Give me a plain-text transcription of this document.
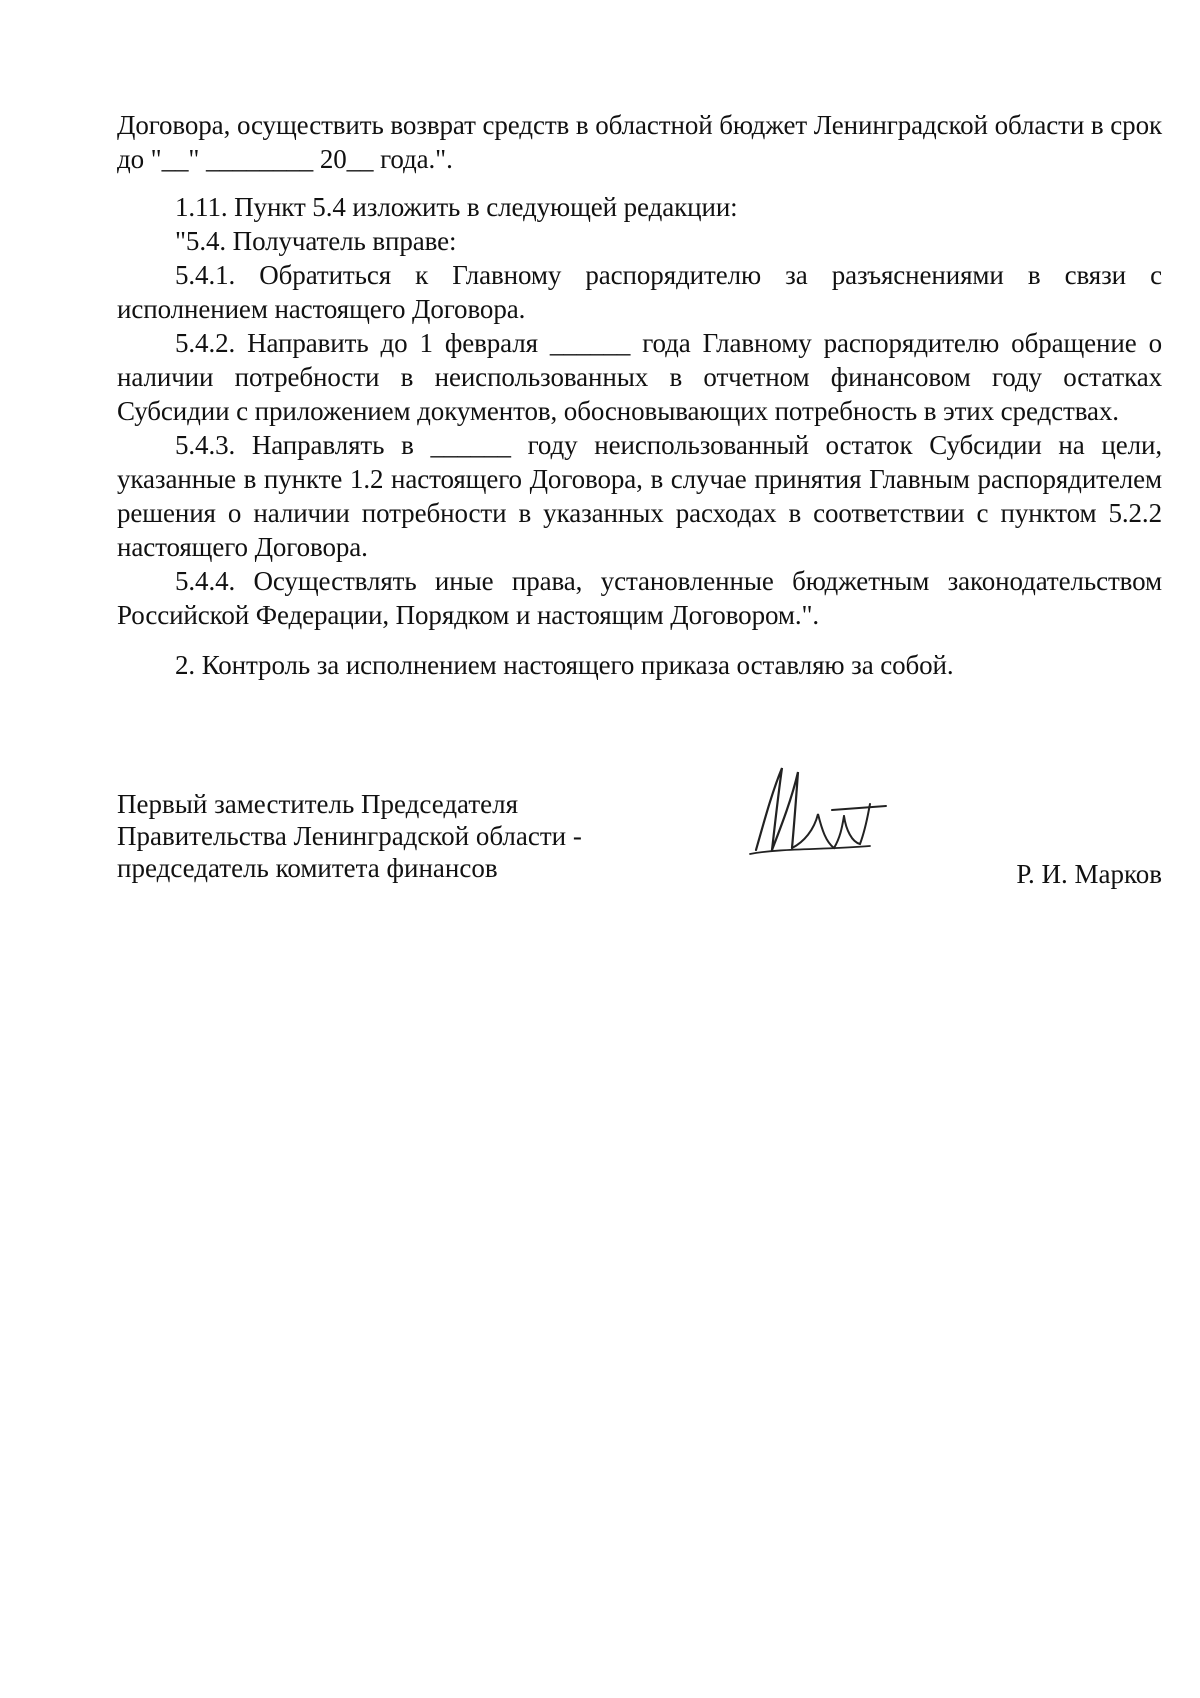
Договора, осуществить возврат средств в областной бюджет Ленинградской области в срок до "__" ________ 20__ года.".

1.11. Пункт 5.4 изложить в следующей редакции:

"5.4. Получатель вправе:

5.4.1. Обратиться к Главному распорядителю за разъяснениями в связи с исполнением настоящего Договора.

5.4.2. Направить до 1 февраля ______ года Главному распорядителю обращение о наличии потребности в неиспользованных в отчетном финансовом году остатках Субсидии с приложением документов, обосновывающих потребность в этих средствах.

5.4.3. Направлять в ______ году неиспользованный остаток Субсидии на цели, указанные в пункте 1.2 настоящего Договора, в случае принятия Главным распорядителем решения о наличии потребности в указанных расходах в соответствии с пунктом 5.2.2 настоящего Договора.

5.4.4. Осуществлять иные права, установленные бюджетным законодательством Российской Федерации, Порядком и настоящим Договором.".

2. Контроль за исполнением настоящего приказа оставляю за собой.

Первый заместитель Председателя
Правительства Ленинградской области -
председатель комитета финансов	Р. И. Марков
